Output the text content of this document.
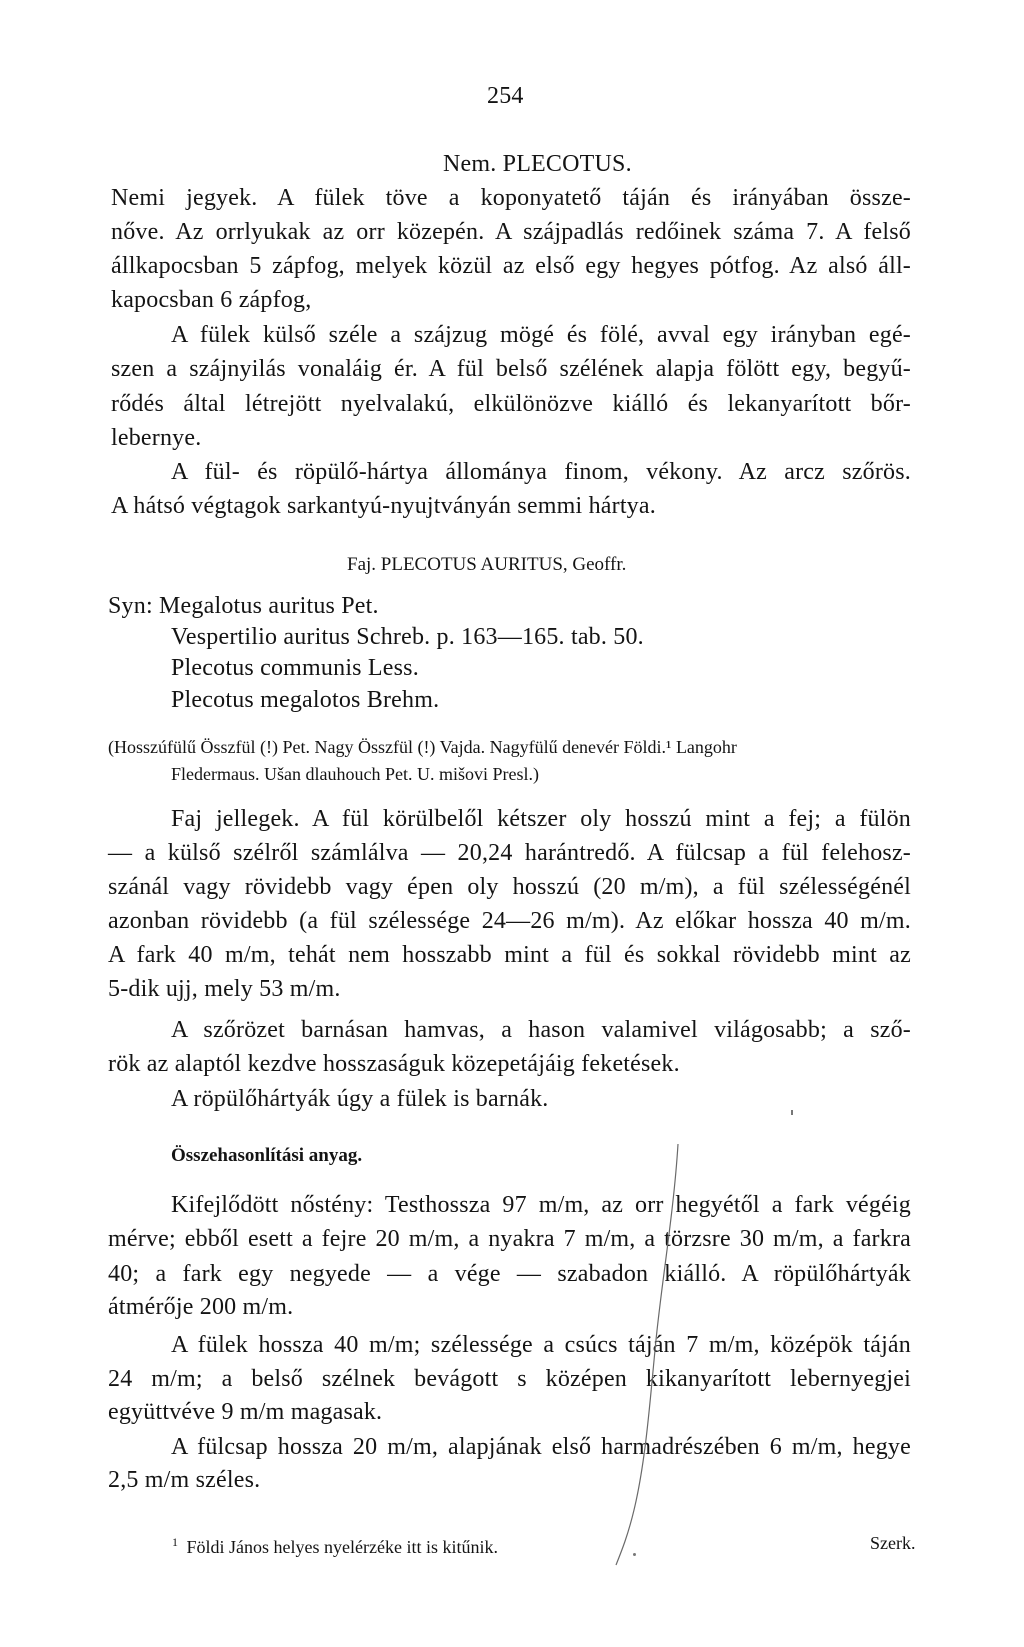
254
Nem. PLECOTUS.
Nemi jegyek. A fülek töve a koponyatető táján és irányában össze-
nőve. Az orrlyukak az orr közepén. A szájpadlás redőinek száma 7. A felső
állkapocsban 5 zápfog, melyek közül az első egy hegyes pótfog. Az alsó áll-
kapocsban 6 zápfog,
A fülek külső széle a szájzug mögé és fölé, avval egy irányban egé-
szen a szájnyilás vonaláig ér. A fül belső szélének alapja fölött egy, begyű-
rődés által létrejött nyelvalakú, elkülönözve kiálló és lekanyarított bőr-
lebernye.
A fül- és röpülő-hártya állománya finom, vékony. Az arcz szőrös.
A hátsó végtagok sarkantyú-nyujtványán semmi hártya.
Faj. PLECOTUS AURITUS, Geoffr.
Syn: Megalotus auritus Pet.
Vespertilio auritus Schreb. p. 163—165. tab. 50.
Plecotus communis Less.
Plecotus megalotos Brehm.
(Hosszúfülű Összfül (!) Pet. Nagy Összfül (!) Vajda. Nagyfülű denevér Földi.¹ Langohr
Fledermaus. Ušan dlauhouch Pet. U. mišovi Presl.)
Faj jellegek. A fül körülbelől kétszer oly hosszú mint a fej; a fülön
— a külső szélről számlálva — 20,24 harántredő. A fülcsap a fül felehosz-
szánál vagy rövidebb vagy épen oly hosszú (20 m/m), a fül szélességénél
azonban rövidebb (a fül szélessége 24—26 m/m). Az előkar hossza 40 m/m.
A fark 40 m/m, tehát nem hosszabb mint a fül és sokkal rövidebb mint az
5-dik ujj, mely 53 m/m.
A szőrözet barnásan hamvas, a hason valamivel világosabb; a sző-
rök az alaptól kezdve hosszaságuk közepetájáig feketések.
A röpülőhártyák úgy a fülek is barnák.
Összehasonlítási anyag.
Kifejlődött nőstény: Testhossza 97 m/m, az orr hegyétől a fark végéig
mérve; ebből esett a fejre 20 m/m, a nyakra 7 m/m, a törzsre 30 m/m, a farkra
40; a fark egy negyede — a vége — szabadon kiálló. A röpülőhártyák
átmérője 200 m/m.
A fülek hossza 40 m/m; szélessége a csúcs táján 7 m/m, középök táján
24 m/m; a belső szélnek bevágott s középen kikanyarított lebernyegjei
együttvéve 9 m/m magasak.
A fülcsap hossza 20 m/m, alapjának első harmadrészében 6 m/m, hegye
2,5 m/m széles.
$^1$ Földi János helyes nyelérzéke itt is kitűnik.	Szerk.
